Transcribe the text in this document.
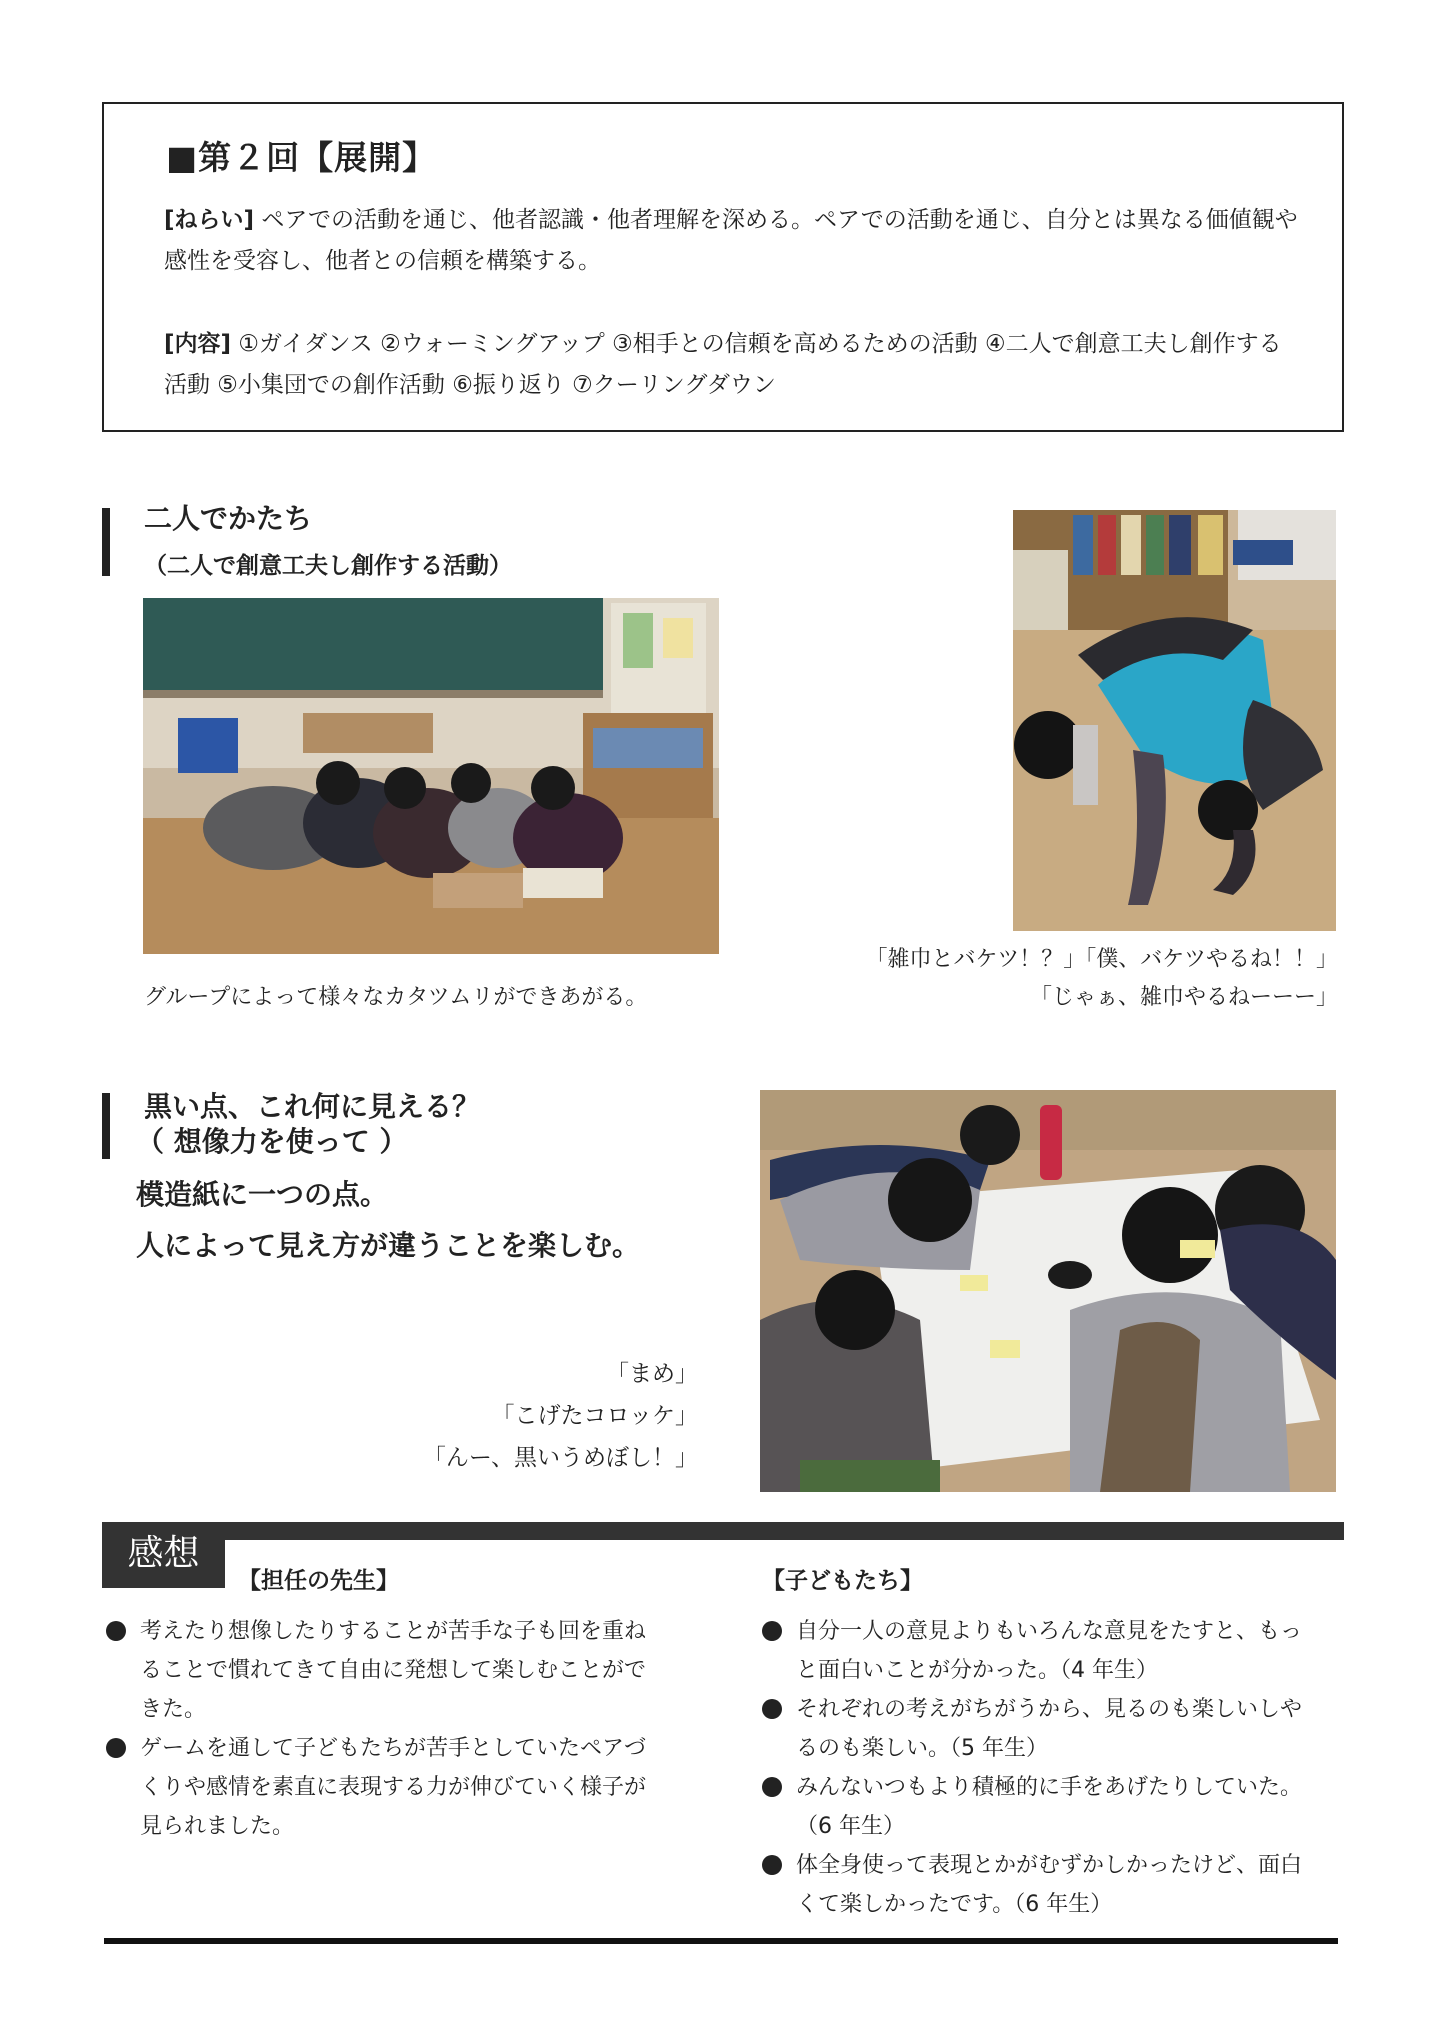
■第２回【展開】
[ねらい] ペアでの活動を通じ、他者認識・他者理解を深める。ペアでの活動を通じ、自分とは異なる価値観や感性を受容し、他者との信頼を構築する。
[内容] ①ガイダンス ②ウォーミングアップ ③相手との信頼を高めるための活動 ④二人で創意工夫し創作する活動 ⑤小集団での創作活動 ⑥振り返り ⑦クーリングダウン
二人でかたち
（二人で創意工夫し創作する活動）
グループによって様々なカタツムリができあがる。
「雑巾とバケツ！？」「僕、バケツやるね！！」
「じゃぁ、雑巾やるねーーー」
黒い点、これ何に見える？
（ 想像力を使って ）
模造紙に一つの点。
人によって見え方が違うことを楽しむ。
「まめ」
「こげたコロッケ」
「んー、黒いうめぼし！」
感想
【担任の先生】
考えたり想像したりすることが苦手な子も回を重ねることで慣れてきて自由に発想して楽しむことができた。
ゲームを通して子どもたちが苦手としていたペアづくりや感情を素直に表現する力が伸びていく様子が見られました。
【子どもたち】
自分一人の意見よりもいろんな意見をたすと、もっと面白いことが分かった。（4 年生）
それぞれの考えがちがうから、見るのも楽しいしやるのも楽しい。（5 年生）
みんないつもより積極的に手をあげたりしていた。（6 年生）
体全身使って表現とかがむずかしかったけど、面白くて楽しかったです。（6 年生）
